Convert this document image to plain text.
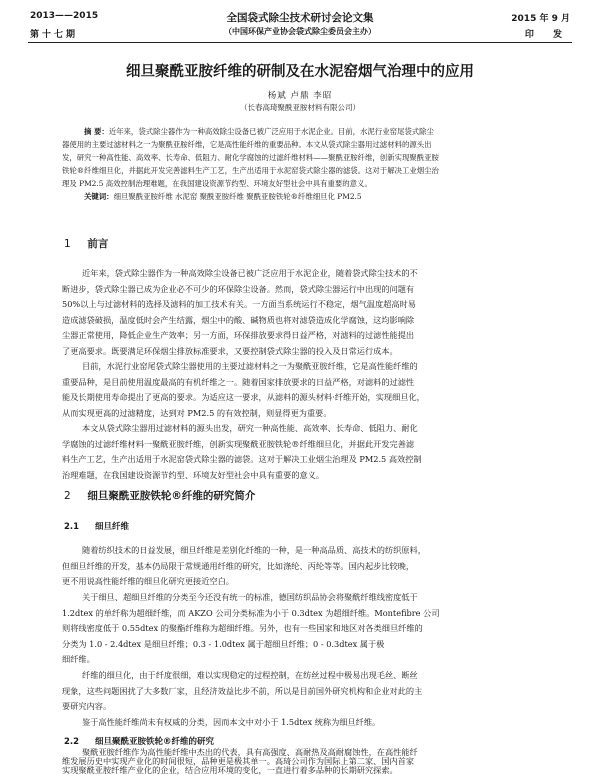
2013——2015
第十七期
全国袋式除尘技术研讨会论文集
（中国环保产业协会袋式除尘委员会主办）
2015 年 9 月
印 发
细旦聚酰亚胺纤维的研制及在水泥窑烟气治理中的应用
杨斌 卢鼎 李昭
（长春高琦聚酰亚胺材料有限公司）
摘 要：近年来，袋式除尘器作为一种高效除尘设备已被广泛应用于水泥企业。目前，水泥行业窑尾袋式除尘
器使用的主要过滤材料之一为聚酰亚胺纤维，它是高性能纤维的重要品种。本文从袋式除尘器用过滤材料的源头出
发，研究一种高性能、高效率、长寿命、低阻力、耐化学腐蚀的过滤纤维材料——聚酰亚胺纤维，创新实现聚酰亚胺
铁轮®纤维细旦化，并据此开发完善滤料生产工艺，生产出适用于水泥窑袋式除尘器的滤袋。这对于解决工业烟尘治
理及 PM2.5 高效控制治理难题，在我国建设资源节约型、环境友好型社会中具有重要的意义。
关键词：细旦聚酰亚胺纤维 水泥窑 聚酰亚胺纤维 聚酰亚胺铁轮®纤维细旦化 PM2.5
1 前言
近年来，袋式除尘器作为一种高效除尘设备已被广泛应用于水泥企业，随着袋式除尘技术的不
断进步，袋式除尘器已成为企业必不可少的环保除尘设备。然而，袋式除尘器运行中出现的问题有
50%以上与过滤材料的选择及滤料的加工技术有关。一方面当系统运行不稳定，烟气温度超高时易
造成滤袋破损，温度低时会产生结露，烟尘中的酸、碱物质也将对滤袋造成化学腐蚀，这均影响除
尘器正常使用，降低企业生产效率；另一方面，环保排放要求得日益严格，对滤料的过滤性能提出
了更高要求。既要满足环保烟尘排放标准要求，又要控制袋式除尘器的投入及日常运行成本。
目前，水泥行业窑尾袋式除尘器使用的主要过滤材料之一为聚酰亚胺纤维，它是高性能纤维的
重要品种，是目前使用温度最高的有机纤维之一。随着国家排放要求的日益严格，对滤料的过滤性
能及长期使用寿命提出了更高的要求。为适应这一要求，从滤料的源头材料·纤维开始，实现细旦化，
从而实现更高的过滤精度，达到对 PM2.5 的有效控制，则显得更为重要。
本文从袋式除尘器用过滤材料的源头出发，研究一种高性能、高效率、长寿命、低阻力、耐化
学腐蚀的过滤纤维材料一聚酰亚胺纤维，创新实现聚酰亚胺铁轮®纤维细旦化，并据此开发完善滤
料生产工艺，生产出适用于水泥窑袋式除尘器的滤袋。这对于解决工业烟尘治理及 PM2.5 高效控制
治理难题，在我国建设资源节约型、环境友好型社会中具有重要的意义。
2 细旦聚酰亚胺铁轮®纤维的研究简介
2.1 细旦纤维
随着纺织技术的日益发展，细旦纤维是差别化纤维的一种，是一种高品质、高技术的纺织原料，
但细旦纤维的开发，基本仍局限于常规通用纤维的研究，比如涤纶、丙纶等等。国内起步比较晚，
更不用说高性能纤维的细旦化研究更接近空白。
关于细旦、超细旦纤维的分类至今还没有统一的标准，德国纺织品协会将聚酰纤维线密度低于
1.2dtex 的单纤称为超细纤维，而 AKZO 公司分类标准为小于 0.3dtex 为超细纤维。Montefibre 公司
则将线密度低于 0.55dtex 的聚酯纤维称为超细纤维。另外，也有一些国家和地区对各类细旦纤维的
分类为 1.0 - 2.4dtex 是细旦纤维；0.3 - 1.0dtex 属于超细旦纤维；0 - 0.3dtex 属于极
细纤维。
纤维的细旦化，由于纤度很细，难以实现稳定的过程控制，在纺丝过程中极易出现毛丝、断丝
现象，这些问题困扰了大多数厂家，且经济效益比步不前，所以是目前国外研究机构和企业对此的主
要研究内容。
鉴于高性能纤维尚未有权威的分类，因而本文中对小于 1.5dtex 统称为细旦纤维。
2.2 细旦聚酰亚胺铁轮®纤维的研究
聚酰亚胺纤维作为高性能纤维中杰出的代表，具有高强度、高耐热及高耐腐蚀性，在高性能纤
维发展历史中实现产业化的时间很短，品种更是极其单一。高琦公司作为国际上第二家、国内首家
实现聚酰亚胺纤维产业化的企业，结合应用环境的变化，一直进行着多品种的长期研究探索。
